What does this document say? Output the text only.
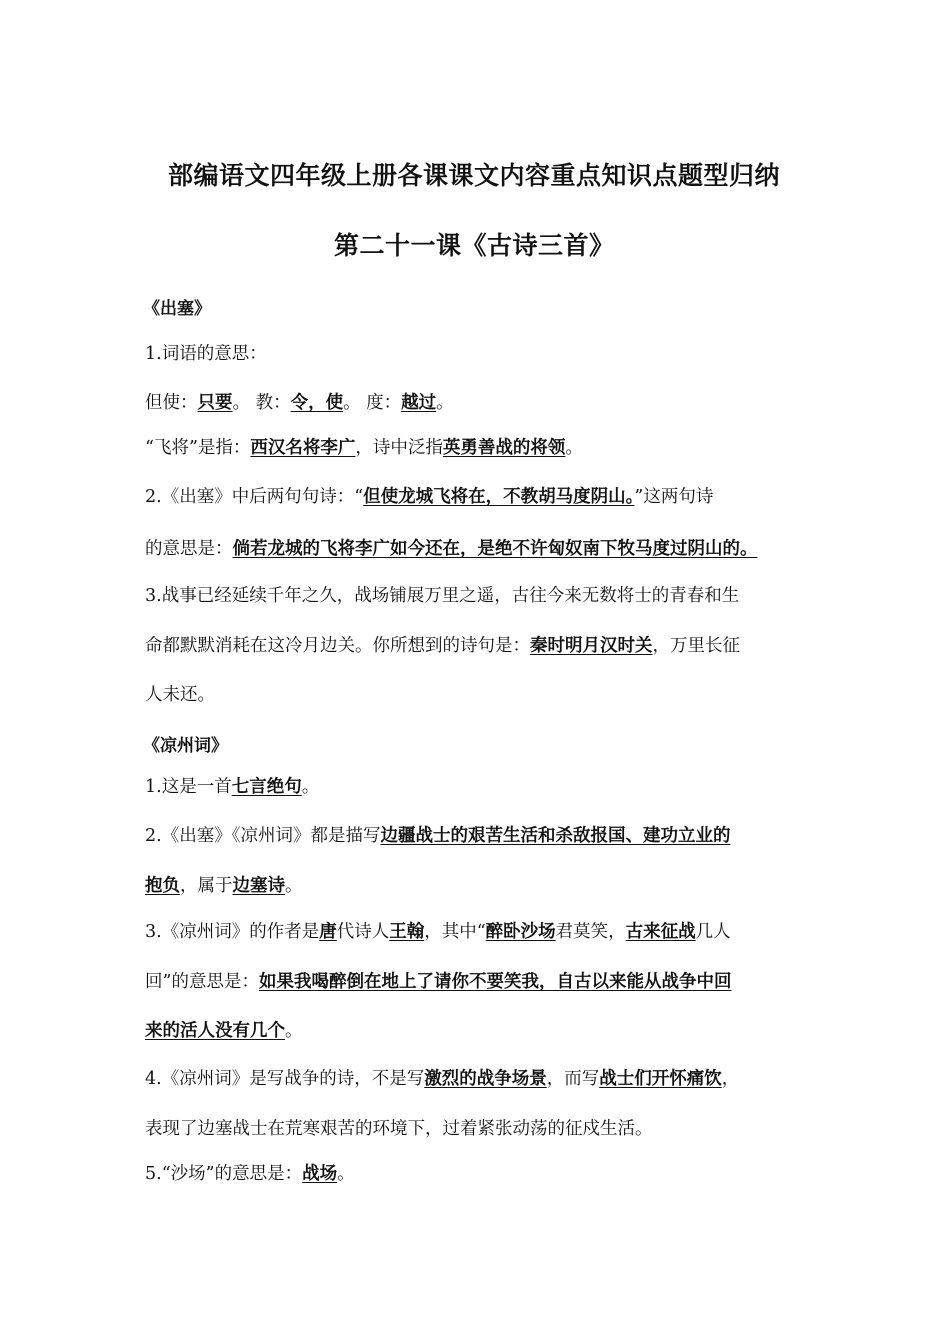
部编语文四年级上册各课课文内容重点知识点题型归纳
第二十一课《古诗三首》
《出塞》
1.词语的意思：
但使：只要。 教：令，使。 度：越过。
“飞将”是指：西汉名将李广，诗中泛指英勇善战的将领。
2.《出塞》中后两句句诗：“但使龙城飞将在，不教胡马度阴山。”这两句诗
的意思是：倘若龙城的飞将李广如今还在，是绝不许匈奴南下牧马度过阴山的。
3.战事已经延续千年之久，战场铺展万里之遥，古往今来无数将士的青春和生
命都默默消耗在这冷月边关。你所想到的诗句是：秦时明月汉时关，万里长征
人未还。
《凉州词》
1.这是一首七言绝句。
2.《出塞》《凉州词》都是描写边疆战士的艰苦生活和杀敌报国、建功立业的
抱负，属于边塞诗。
3.《凉州词》的作者是唐代诗人王翰，其中“醉卧沙场君莫笑，古来征战几人
回”的意思是：如果我喝醉倒在地上了请你不要笑我，自古以来能从战争中回
来的活人没有几个。
4.《凉州词》是写战争的诗，不是写激烈的战争场景，而写战士们开怀痛饮，
表现了边塞战士在荒寒艰苦的环境下，过着紧张动荡的征戍生活。
5.“沙场”的意思是：战场。
